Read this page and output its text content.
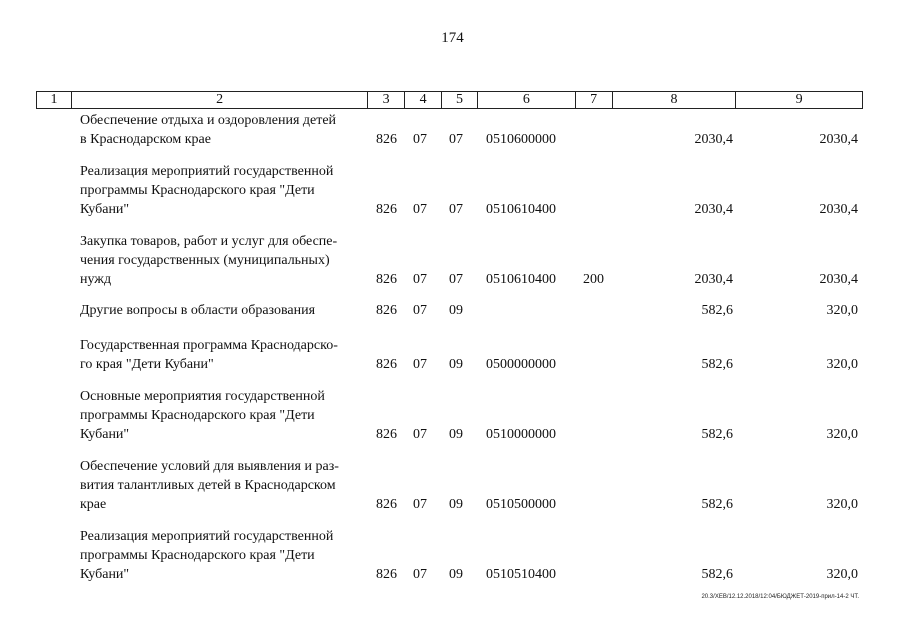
174
1	2	3	4	5	6	7	8	9
Обеспечение отдыха и оздоровления детей
в Краснодарском крае	826 07 07 0510600000	2030,4	2030,4
Реализация мероприятий государственной
программы Краснодарского края "Дети
Кубани"	826 07 07 0510610400	2030,4	2030,4
Закупка товаров, работ и услуг для обеспе-
чения государственных (муниципальных)
нужд	826 07 07 0510610400 200	2030,4	2030,4
Другие вопросы в области образования	826 07 09	582,6	320,0
Государственная программа Краснодарско-
го края "Дети Кубани"	826 07 09 0500000000	582,6	320,0
Основные мероприятия государственной
программы Краснодарского края "Дети
Кубани"	826 07 09 0510000000	582,6	320,0
Обеспечение условий для выявления и раз-
вития талантливых детей в Краснодарском
крае	826 07 09 0510500000	582,6	320,0
Реализация мероприятий государственной
программы Краснодарского края "Дети
Кубани"	826 07 09 0510510400	582,6	320,0
20.3/ХЕВ/12.12.2018/12:04/БЮДЖЕТ-2019-прил-14-2 ЧТ.
